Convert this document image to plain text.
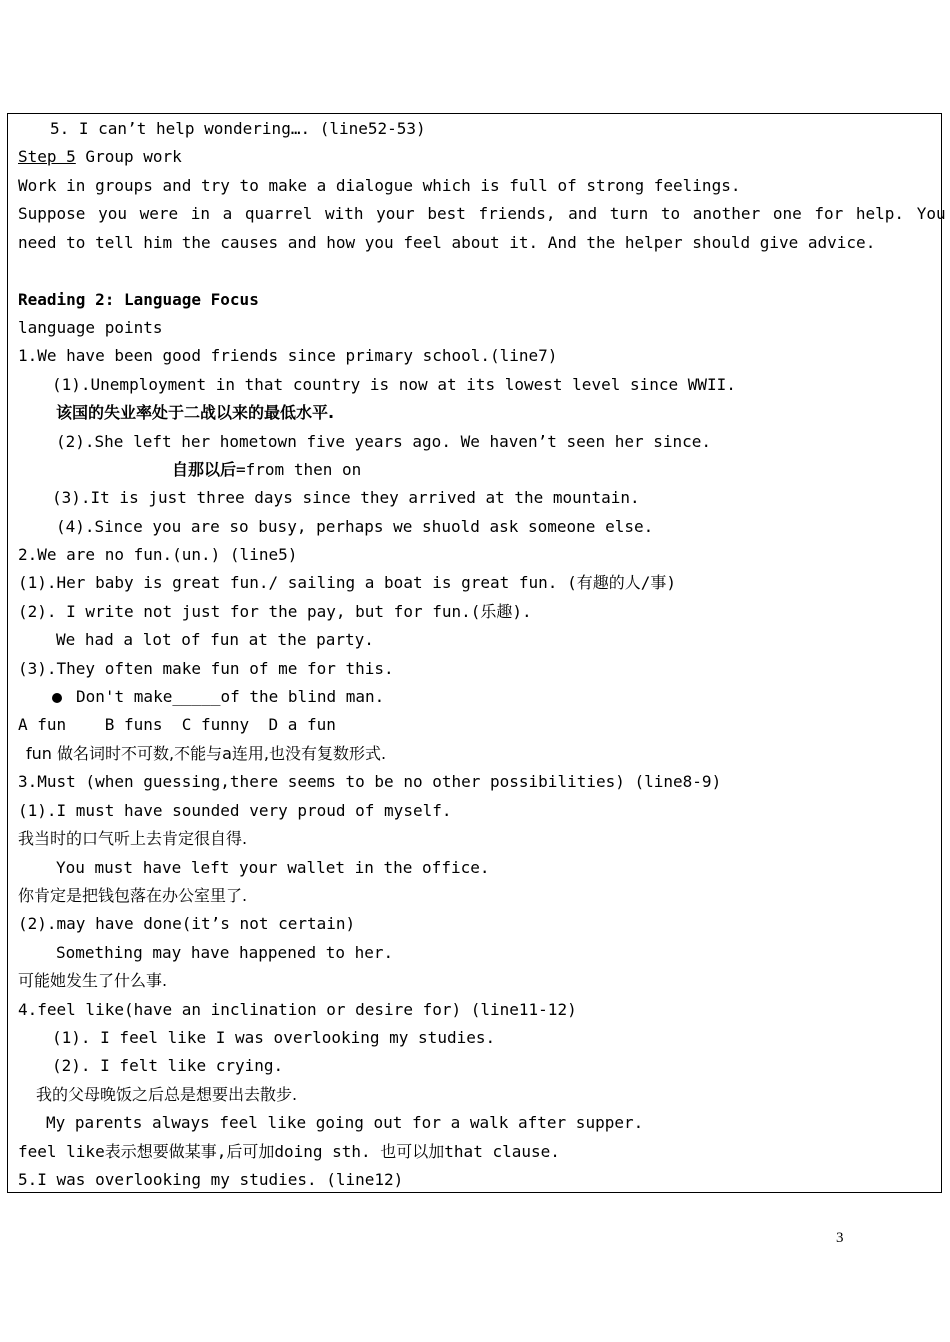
5. I can’t help wondering…. (line52-53)
Step 5 Group work
Work in groups and try to make a dialogue which is full of strong feelings.
Suppose you were in a quarrel with your best friends, and turn to another one for help. You
need to tell him the causes and how you feel about it. And the helper should give advice.
Reading 2: Language Focus
language points
1.We have been good friends since primary school.(line7)
(1).Unemployment in that country is now at its lowest level since WWII.
该国的失业率处于二战以来的最低水平.
(2).She left her hometown five years ago. We haven’t seen her since.
自那以后=from then on
(3).It is just three days since they arrived at the mountain.
(4).Since you are so busy, perhaps we shuold ask someone else.
2.We are no fun.(un.) (line5)
(1).Her baby is great fun./ sailing a boat is great fun. (有趣的人/事)
(2). I write not just for the pay, but for fun.(乐趣).
We had a lot of fun at the party.
(3).They often make fun of me for this.
Don't make_____of the blind man.
A fun    B funs  C funny  D a fun
fun 做名词时不可数,不能与a连用,也没有复数形式.
3.Must (when guessing,there seems to be no other possibilities) (line8-9)
(1).I must have sounded very proud of myself.
我当时的口气听上去肯定很自得.
You must have left your wallet in the office.
你肯定是把钱包落在办公室里了.
(2).may have done(it’s not certain)
Something may have happened to her.
可能她发生了什么事.
4.feel like(have an inclination or desire for) (line11-12)
(1). I feel like I was overlooking my studies.
(2). I felt like crying.
我的父母晚饭之后总是想要出去散步.
My parents always feel like going out for a walk after supper.
feel like表示想要做某事,后可加doing sth. 也可以加that clause.
5.I was overlooking my studies. (line12)
3
